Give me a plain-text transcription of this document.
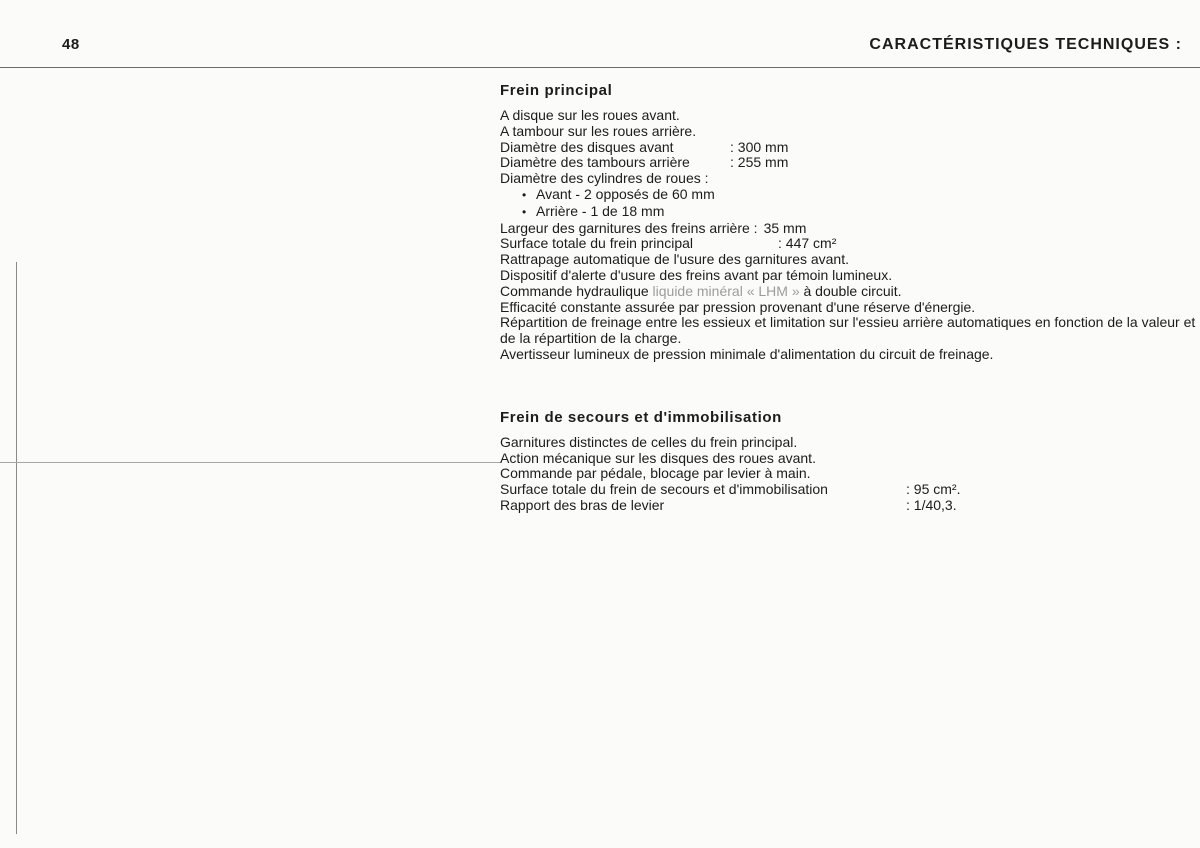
48	CARACTÉRISTIQUES TECHNIQUES :
Frein principal
A disque sur les roues avant.
A tambour sur les roues arrière.
Diamètre des disques avant	: 300 mm
Diamètre des tambours arrière	: 255 mm
Diamètre des cylindres de roues :
• Avant - 2 opposés de 60 mm
• Arrière - 1 de 18 mm
Largeur des garnitures des freins arrière : 35 mm
Surface totale du frein principal	: 447 cm²
Rattrapage automatique de l'usure des garnitures avant.
Dispositif d'alerte d'usure des freins avant par témoin lumineux.
Commande hydraulique liquide minéral « LHM » à double circuit.
Efficacité constante assurée par pression provenant d'une réserve d'énergie.
Répartition de freinage entre les essieux et limitation sur l'essieu arrière automatiques en fonction de la valeur et de la répartition de la charge.
Avertisseur lumineux de pression minimale d'alimentation du circuit de freinage.
Frein de secours et d'immobilisation
Garnitures distinctes de celles du frein principal.
Action mécanique sur les disques des roues avant.
Commande par pédale, blocage par levier à main.
Surface totale du frein de secours et d'immobilisation	: 95 cm².
Rapport des bras de levier	: 1/40,3.
